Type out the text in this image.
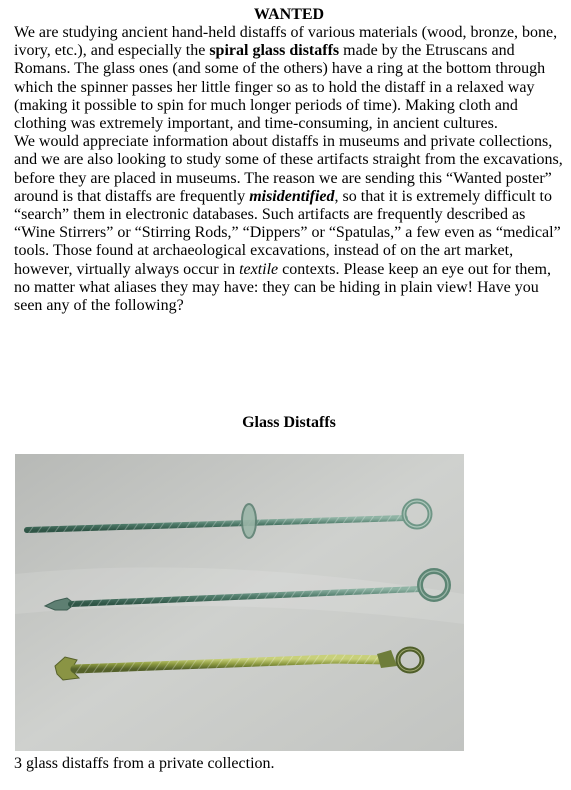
WANTED

We are studying ancient hand-held distaffs of various materials (wood, bronze, bone, ivory, etc.), and especially the spiral glass distaffs made by the Etruscans and Romans. The glass ones (and some of the others) have a ring at the bottom through which the spinner passes her little finger so as to hold the distaff in a relaxed way (making it possible to spin for much longer periods of time). Making cloth and clothing was extremely important, and time-consuming, in ancient cultures.

We would appreciate information about distaffs in museums and private collections, and we are also looking to study some of these artifacts straight from the excavations, before they are placed in museums. The reason we are sending this “Wanted poster” around is that distaffs are frequently misidentified, so that it is extremely difficult to “search” them in electronic databases. Such artifacts are frequently described as “Wine Stirrers” or “Stirring Rods,” “Dippers” or “Spatulas,” a few even as “medical” tools. Those found at archaeological excavations, instead of on the art market, however, virtually always occur in textile contexts. Please keep an eye out for them, no matter what aliases they may have: they can be hiding in plain view! Have you seen any of the following?

Glass Distaffs
3 glass distaffs from a private collection.
